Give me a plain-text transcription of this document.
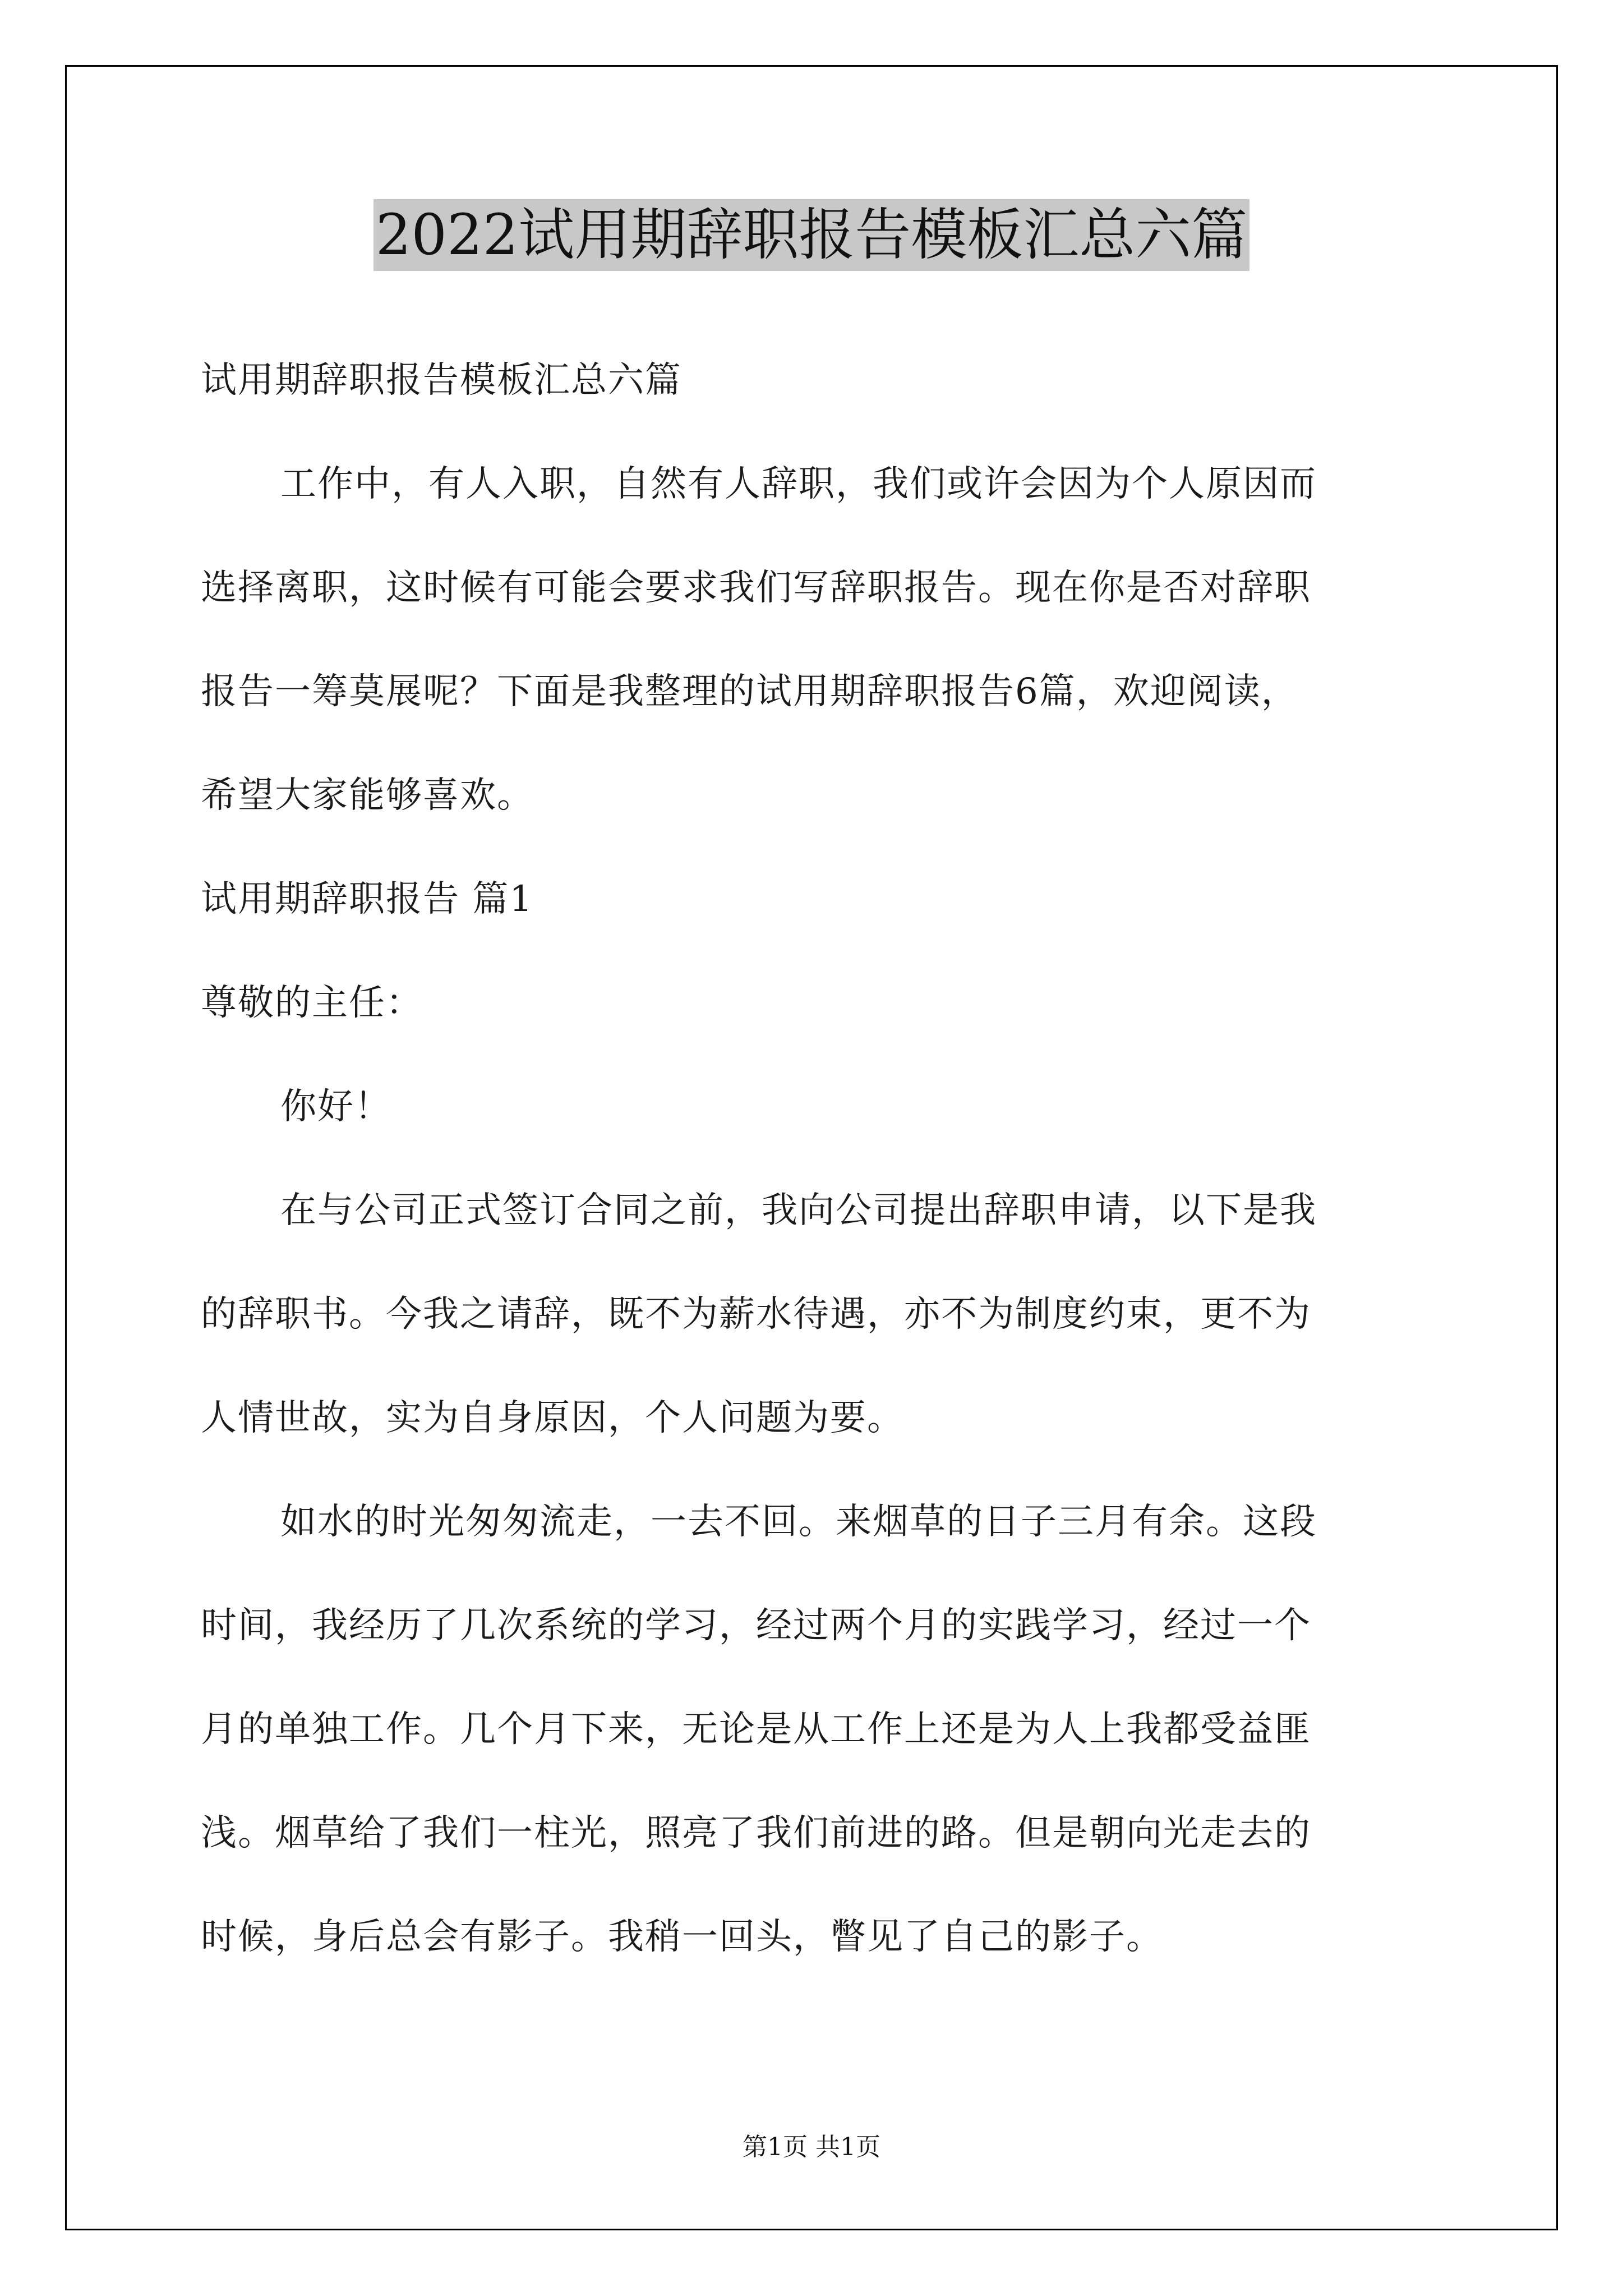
2022试用期辞职报告模板汇总六篇
试用期辞职报告模板汇总六篇
工作中，有人入职，自然有人辞职，我们或许会因为个人原因而
选择离职，这时候有可能会要求我们写辞职报告。现在你是否对辞职
报告一筹莫展呢？下面是我整理的试用期辞职报告6篇，欢迎阅读，
希望大家能够喜欢。
试用期辞职报告 篇1
尊敬的主任：
你好！
在与公司正式签订合同之前，我向公司提出辞职申请，以下是我
的辞职书。今我之请辞，既不为薪水待遇，亦不为制度约束，更不为
人情世故，实为自身原因，个人问题为要。
如水的时光匆匆流走，一去不回。来烟草的日子三月有余。这段
时间，我经历了几次系统的学习，经过两个月的实践学习，经过一个
月的单独工作。几个月下来，无论是从工作上还是为人上我都受益匪
浅。烟草给了我们一柱光，照亮了我们前进的路。但是朝向光走去的
时候，身后总会有影子。我稍一回头，瞥见了自己的影子。
第1页 共1页
